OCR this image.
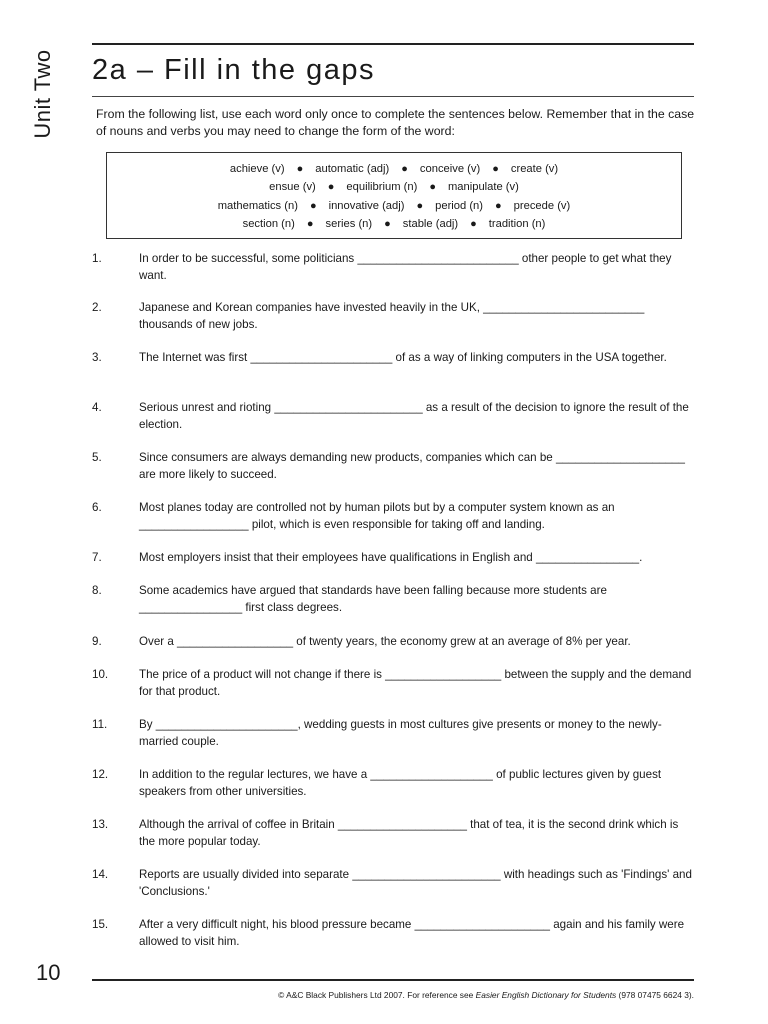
Unit Two 2a – Fill in the gaps

From the following list, use each word only once to complete the sentences below. Remember that in the case of nouns and verbs you may need to change the form of the word:

achieve (v) ● automatic (adj) ● conceive (v) ● create (v)
ensue (v) ● equilibrium (n) ● manipulate (v)
mathematics (n) ● innovative (adj) ● period (n) ● precede (v)
section (n) ● series (n) ● stable (adj) ● tradition (n)
1.	In order to be successful, some politicians _________________________ other people to get what they want.
2.	Japanese and Korean companies have invested heavily in the UK, _________________________ thousands of new jobs.
3.	The Internet was first ______________________ of as a way of linking computers in the USA together.
4.	Serious unrest and rioting _______________________ as a result of the decision to ignore the result of the election.
5.	Since consumers are always demanding new products, companies which can be ____________________ are more likely to succeed.
6.	Most planes today are controlled not by human pilots but by a computer system known as an _________________ pilot, which is even responsible for taking off and landing.
7.	Most employers insist that their employees have qualifications in English and ________________.
8.	Some academics have argued that standards have been falling because more students are ________________ first class degrees.
9.	Over a __________________ of twenty years, the economy grew at an average of 8% per year.
10.	The price of a product will not change if there is __________________ between the supply and the demand for that product.
11.	By ______________________, wedding guests in most cultures give presents or money to the newly-married couple.
12.	In addition to the regular lectures, we have a ___________________ of public lectures given by guest speakers from other universities.
13.	Although the arrival of coffee in Britain ____________________ that of tea, it is the second drink which is the more popular today.
14.	Reports are usually divided into separate _______________________ with headings such as 'Findings' and 'Conclusions.'
15.	After a very difficult night, his blood pressure became _____________________ again and his family were allowed to visit him.

10

© A&C Black Publishers Ltd 2007. For reference see Easier English Dictionary for Students (978 07475 6624 3).
